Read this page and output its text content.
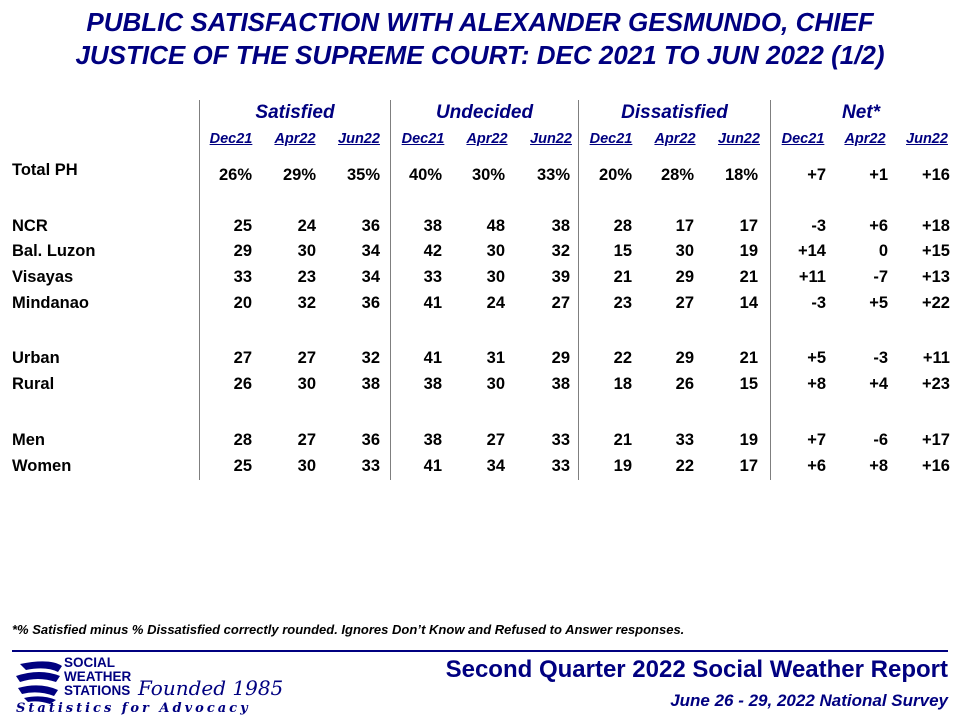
PUBLIC SATISFACTION WITH ALEXANDER GESMUNDO, CHIEF
JUSTICE OF THE SUPREME COURT: DEC 2021 TO JUN 2022 (1/2)
Satisfied	Undecided	Dissatisfied	Net*
Dec21	Apr22	Jun22	Dec21	Apr22	Jun22	Dec21	Apr22	Jun22	Dec21	Apr22	Jun22
Total PH	26% 29% 35% 40% 30% 33% 20% 28% 18%	+7	+1 +16
NCR	25	24	36	38	48	38	28	17	17	-3	+6 +18
Bal. Luzon	29	30	34	42	30	32	15	30	19 +14	0 +15
Visayas	33	23	34	33	30	39	21	29	21 +11	-7 +13
Mindanao	20	32	36	41	24	27	23	27	14	-3	+5 +22
Urban	27	27	32	41	31	29	22	29	21	+5	-3 +11
Rural	26	30	38	38	30	38	18	26	15	+8	+4 +23
Men	28	27	36	38	27	33	21	33	19	+7	-6 +17
Women	25	30	33	41	34	33	19	22	17	+6	+8 +16
*% Satisfied minus % Dissatisfied correctly rounded. Ignores Don’t Know and Refused to Answer responses.
SOCIAL
WEATHER
STATIONS Founded 1985
Statistics for Advocacy
Second Quarter 2022 Social Weather Report
June 26 - 29, 2022 National Survey
